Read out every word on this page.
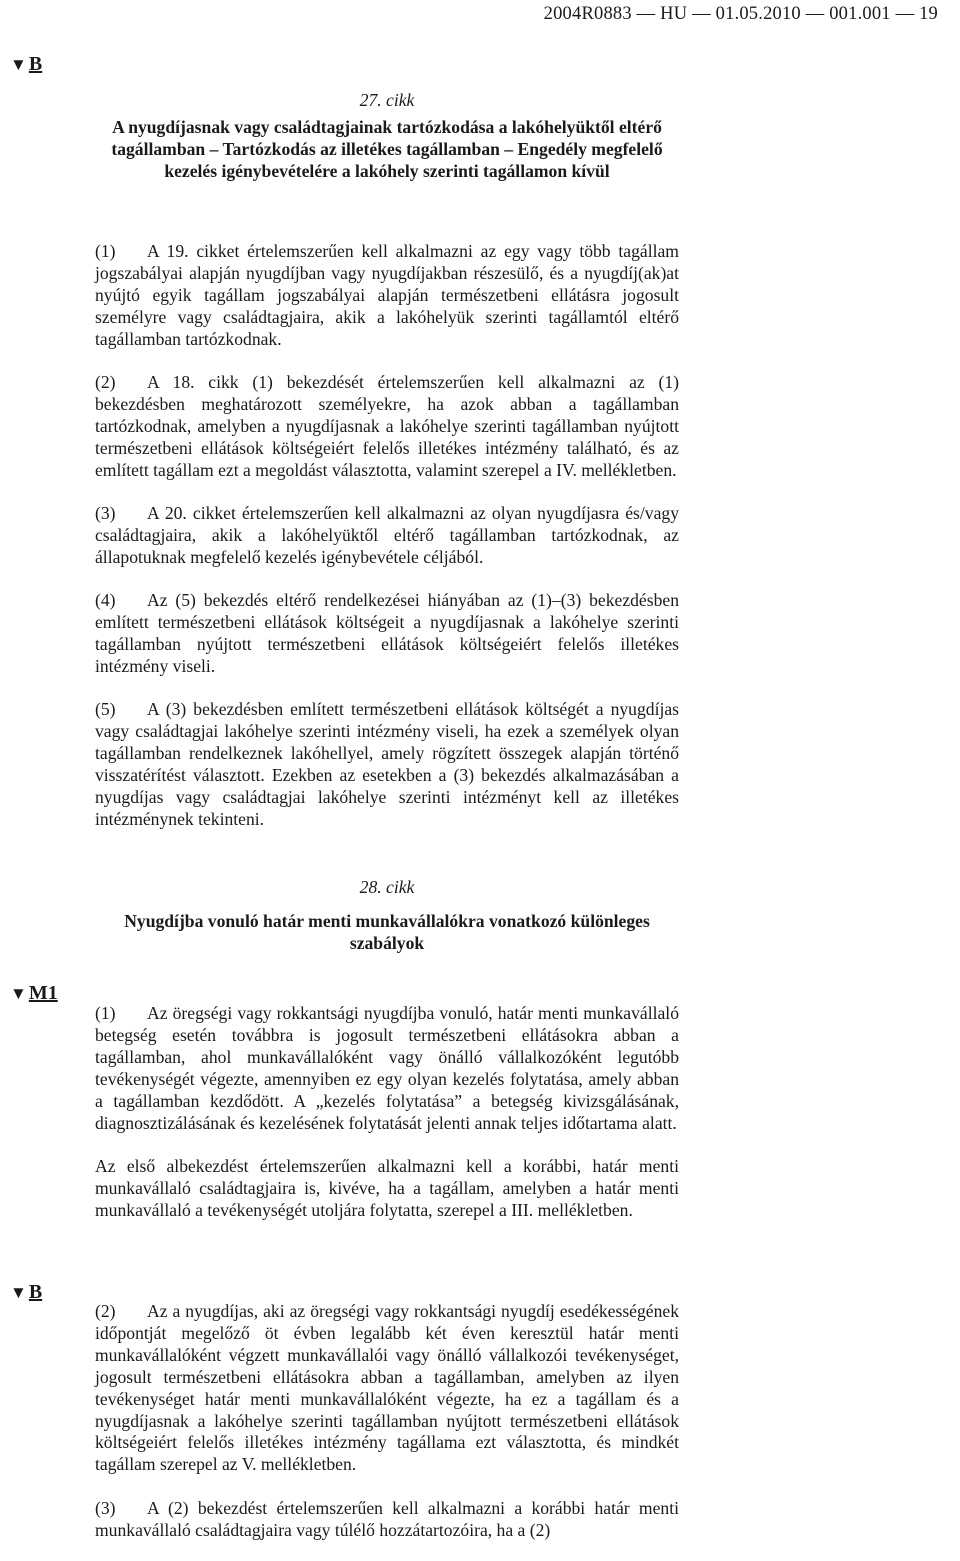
2004R0883 — HU — 01.05.2010 — 001.001 — 19
▼ B
▼ M1
▼ B
27. cikk
A nyugdíjasnak vagy családtagjainak tartózkodása a lakóhelyüktől eltérő tagállamban – Tartózkodás az illetékes tagállamban – Engedély megfelelő kezelés igénybevételére a lakóhely szerinti tagállamon kívül

(1) A 19. cikket értelemszerűen kell alkalmazni az egy vagy több tagállam jogszabályai alapján nyugdíjban vagy nyugdíjakban részesülő, és a nyugdíj(ak)at nyújtó egyik tagállam jogszabályai alapján természetbeni ellátásra jogosult személyre vagy családtagjaira, akik a lakóhelyük szerinti tagállamtól eltérő tagállamban tartózkodnak.

(2) A 18. cikk (1) bekezdését értelemszerűen kell alkalmazni az (1) bekezdésben meghatározott személyekre, ha azok abban a tagállamban tartózkodnak, amelyben a nyugdíjasnak a lakóhelye szerinti tagállamban nyújtott természetbeni ellátások költségeiért felelős illetékes intézmény található, és az említett tagállam ezt a megoldást választotta, valamint szerepel a IV. mellékletben.

(3) A 20. cikket értelemszerűen kell alkalmazni az olyan nyugdíjasra és/vagy családtagjaira, akik a lakóhelyüktől eltérő tagállamban tartózkodnak, az állapotuknak megfelelő kezelés igénybevétele céljából.

(4) Az (5) bekezdés eltérő rendelkezései hiányában az (1)–(3) bekezdésben említett természetbeni ellátások költségeit a nyugdíjasnak a lakóhelye szerinti tagállamban nyújtott természetbeni ellátások költségeiért felelős illetékes intézmény viseli.

(5) A (3) bekezdésben említett természetbeni ellátások költségét a nyugdíjas vagy családtagjai lakóhelye szerinti intézmény viseli, ha ezek a személyek olyan tagállamban rendelkeznek lakóhellyel, amely rögzített összegek alapján történő visszatérítést választott. Ezekben az esetekben a (3) bekezdés alkalmazásában a nyugdíjas vagy családtagjai lakóhelye szerinti intézményt kell az illetékes intézménynek tekinteni.

28. cikk
Nyugdíjba vonuló határ menti munkavállalókra vonatkozó különleges szabályok

(1) Az öregségi vagy rokkantsági nyugdíjba vonuló, határ menti munkavállaló betegség esetén továbbra is jogosult természetbeni ellátásokra abban a tagállamban, ahol munkavállalóként vagy önálló vállalkozóként legutóbb tevékenységét végezte, amennyiben ez egy olyan kezelés folytatása, amely abban a tagállamban kezdődött. A „kezelés folytatása” a betegség kivizsgálásának, diagnosztizálásának és kezelésének folytatását jelenti annak teljes időtartama alatt.

Az első albekezdést értelemszerűen alkalmazni kell a korábbi, határ menti munkavállaló családtagjaira is, kivéve, ha a tagállam, amelyben a határ menti munkavállaló a tevékenységét utoljára folytatta, szerepel a III. mellékletben.

(2) Az a nyugdíjas, aki az öregségi vagy rokkantsági nyugdíj esedékességének időpontját megelőző öt évben legalább két éven keresztül határ menti munkavállalóként végzett munkavállalói vagy önálló vállalkozói tevékenységet, jogosult természetbeni ellátásokra abban a tagállamban, amelyben az ilyen tevékenységet határ menti munkavállalóként végezte, ha ez a tagállam és a nyugdíjasnak a lakóhelye szerinti tagállamban nyújtott természetbeni ellátások költségeiért felelős illetékes intézmény tagállama ezt választotta, és mindkét tagállam szerepel az V. mellékletben.

(3) A (2) bekezdést értelemszerűen kell alkalmazni a korábbi határ menti munkavállaló családtagjaira vagy túlélő hozzátartozóira, ha a (2)
